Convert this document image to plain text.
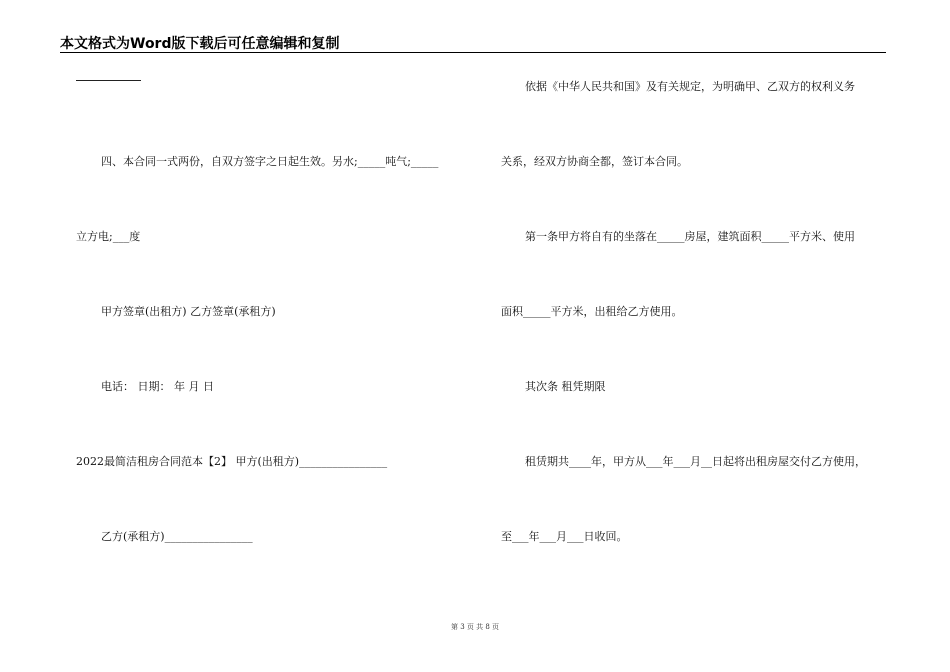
本文格式为Word版下载后可任意编辑和复制
四、本合同一式两份，自双方签字之日起生效。另水;_____吨气;_____
立方电;___度
甲方签章(出租方) 乙方签章(承租方)
电话： 日期： 年 月 日
2022最简洁租房合同范本【2】 甲方(出租方)________________
乙方(承租方)________________
依据《中华人民共和国》及有关规定，为明确甲、乙双方的权利义务
关系，经双方协商全都，签订本合同。
第一条甲方将自有的坐落在_____房屋，建筑面积_____平方米、使用
面积_____平方米，出租给乙方使用。
其次条 租凭期限
租赁期共____年，甲方从___年___月__日起将出租房屋交付乙方使用，
至___年___月___日收回。
第 3 页 共 8 页
